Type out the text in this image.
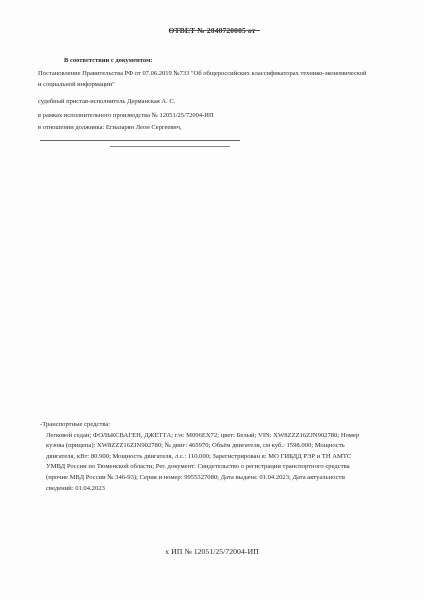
ОТВЕТ № 2040720005 от
В соответствии с документом:
Постановление Правительства РФ от 07.06.2019 №733 "Об общероссийских классификаторах технико-экономической и социальной информации"
судебный пристав-исполнитель Дерманская А. С.
в рамках исполнительного производства № 12051/25/72004-ИП
в отношении должника: Егиазарян Леон Сергеевич,
-Транспортные средства:
Легковой седан; ФОЛЬКСВАГЕН, ДЖЕТТА; г/н: М096ЕХ72; цвет: Белый; VIN: XW8ZZZ16ZJN902780; Номер кузова (прицепа): XW8ZZZ16ZJN902780; № двиг: 465970; Объём двигателя, см куб.: 1598.000; Мощность двигателя, кВт: 80.900; Мощность двигателя, л.с.: 110.000; Зарегистрирован в: МО ГИБДД РЭР и ТН АМТС УМВД России по Тюменской области; Рег. документ: Свидетельство о регистрации транспортного средства (прочие МВД России № 346-93); Серия и номер: 9955327080; Дата выдачи: 01.04.2023; Дата актуальности сведений: 01.04.2023
х ИП № 12051/25/72004-ИП
